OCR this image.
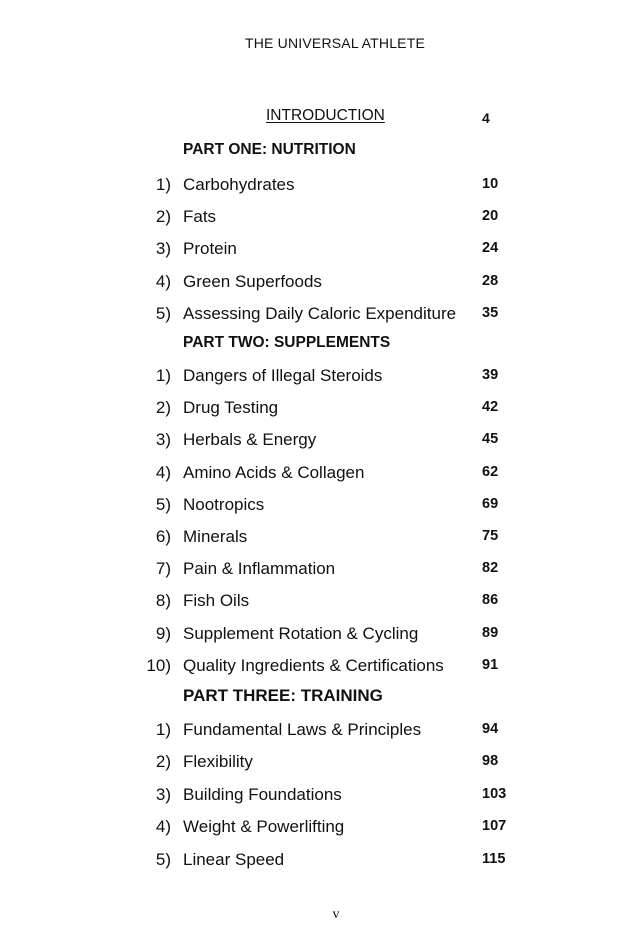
THE UNIVERSAL ATHLETE
INTRODUCTION	4
PART ONE: NUTRITION
1) Carbohydrates	10
2) Fats	20
3) Protein	24
4) Green Superfoods	28
5) Assessing Daily Caloric Expenditure 35
PART TWO: SUPPLEMENTS
1) Dangers of Illegal Steroids	39
2) Drug Testing	42
3) Herbals & Energy	45
4) Amino Acids & Collagen	62
5) Nootropics	69
6) Minerals	75
7) Pain & Inflammation	82
8) Fish Oils	86
9) Supplement Rotation & Cycling	89
10) Quality Ingredients & Certifications	91
PART THREE: TRAINING
1) Fundamental Laws & Principles	94
2) Flexibility	98
3) Building Foundations	103
4) Weight & Powerlifting	107
5) Linear Speed	115
v
